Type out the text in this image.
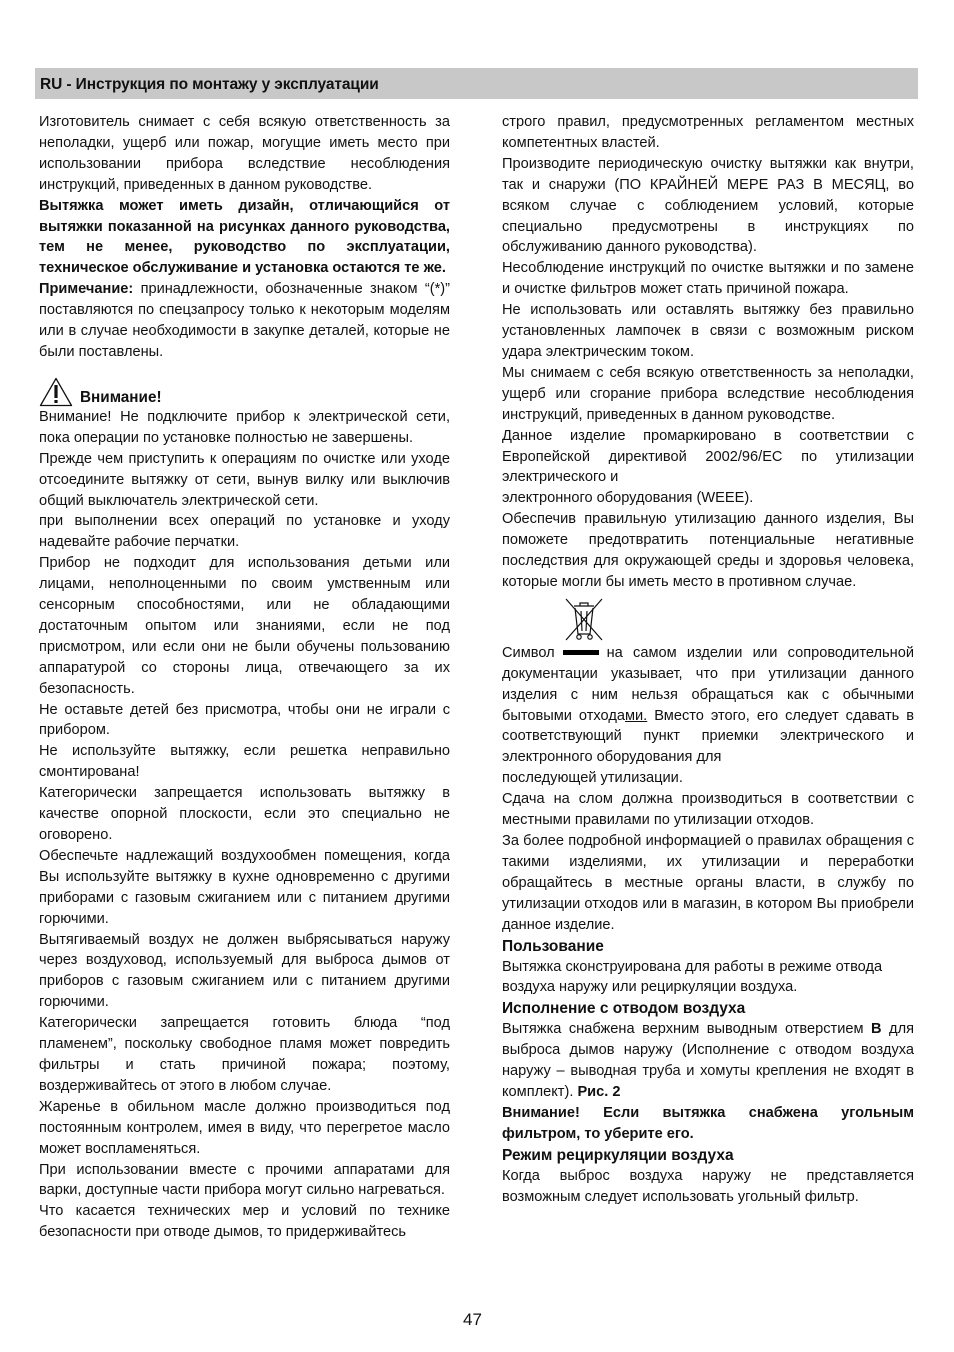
RU - Инструкция по монтажу у эксплуатации

Изготовитель снимает с себя всякую ответственность за неполадки, ущерб или пожар, могущие иметь место при использовании прибора вследствие несоблюдения инструкций, приведенных в данном руководстве.

Вытяжка может иметь дизайн, отличающийся от вытяжки показанной на рисунках данного руководства, тем не менее, руководство по эксплуатации, техническое обслуживание и установка остаются те же.

Примечание: принадлежности, обозначенные знаком “(*)” поставляются по спецзапросу только к некоторым моделям или в случае необходимости в закупке деталей, которые не были поставлены.

Внимание!

Внимание! Не подключите прибор к электрической сети, пока операции по установке полностью не завершены.

Прежде чем приступить к операциям по очистке или уходе отсоедините вытяжку от сети, вынув вилку или выключив общий выключатель электрической сети.

при выполнении всех операций по установке и уходу надевайте рабочие перчатки.

Прибор не подходит для использования детьми или лицами, неполноценными по своим умственным или сенсорным способностями, или не обладающими достаточным опытом или знаниями, если не под присмотром, или если они не были обучены пользованию аппаратурой со стороны лица, отвечающего за их безопасность.

Не оставьте детей без присмотра, чтобы они не играли с прибором.

Не используйте вытяжку, если решетка неправильно смонтирована!

Категорически запрещается использовать вытяжку в качестве опорной плоскости, если это специально не оговорено.

Обеспечьте надлежащий воздухообмен помещения, когда Вы используйте вытяжку в кухне одновременно с другими приборами с газовым сжиганием или с питанием другими горючими.

Вытягиваемый воздух не должен выбрясываться наружу через воздуховод, используемый для выброса дымов от приборов с газовым сжиганием или с питанием другими горючими.

Категорически запрещается готовить блюда “под пламенем”, поскольку свободное пламя может повредить фильтры и стать причиной пожара; поэтому, воздерживайтесь от этого в любом случае.

Жаренье в обильном масле должно производиться под постоянным контролем, имея в виду, что перегретое масло может воспламеняться.

При использовании вместе с прочими аппаратами для варки, доступные части прибора могут сильно нагреваться.

Что касается технических мер и условий по технике безопасности при отводе дымов, то придерживайтесь

строго правил, предусмотренных регламентом местных компетентных властей.

Производите периодическую очистку вытяжки как внутри, так и снаружи (ПО КРАЙНЕЙ МЕРЕ РАЗ В МЕСЯЦ, во всяком случае с соблюдением условий, которые специально предусмотрены в инструкциях по обслуживанию данного руководства).

Несоблюдение инструкций по очистке вытяжки и по замене и очистке фильтров может стать причиной пожара.

Не использовать или оставлять вытяжку без правильно установленных лампочек в связи с возможным риском удара электрическим током.

Мы снимаем с себя всякую ответственность за неполадки, ущерб или сгорание прибора вследствие несоблюдения инструкций, приведенных в данном руководстве.

Данное изделие промаркировано в соответствии с Европейской директивой 2002/96/EC по утилизации электрического и

электронного оборудования (WEEE).

Обеспечив правильную утилизацию данного изделия, Вы поможете предотвратить потенциальные негативные последствия для окружающей среды и здоровья человека, которые могли бы иметь место в противном случае.

Символ	на самом изделии или сопроводительной документации указывает, что при утилизации данного изделия с ним нельзя обращаться как с обычными бытовыми отходами. Вместо этого, его следует сдавать в соответствующий пункт приемки электрического и электронного оборудования для

последующей утилизации.

Сдача на слом должна производиться в соответствии с местными правилами по утилизации отходов.

За более подробной информацией о правилах обращения с такими изделиями, их утилизации и переработки обращайтесь в местные органы власти, в службу по утилизации отходов или в магазин, в котором Вы приобрели данное изделие.

Пользование

Вытяжка сконструирована для работы в режиме отвода воздуха наружу или рециркуляции воздуха.

Исполнение с отводом воздуха

Вытяжка снабжена верхним выводным отверстием B для выброса дымов наружу (Исполнение с отводом воздуха наружу – выводная труба и хомуты крепления не входят в комплект). Рис. 2

Внимание! Если вытяжка снабжена угольным фильтром, то уберите его.

Режим рециркуляции воздуха

Когда выброс воздуха наружу не представляется возможным следует использовать угольный фильтр.

47
